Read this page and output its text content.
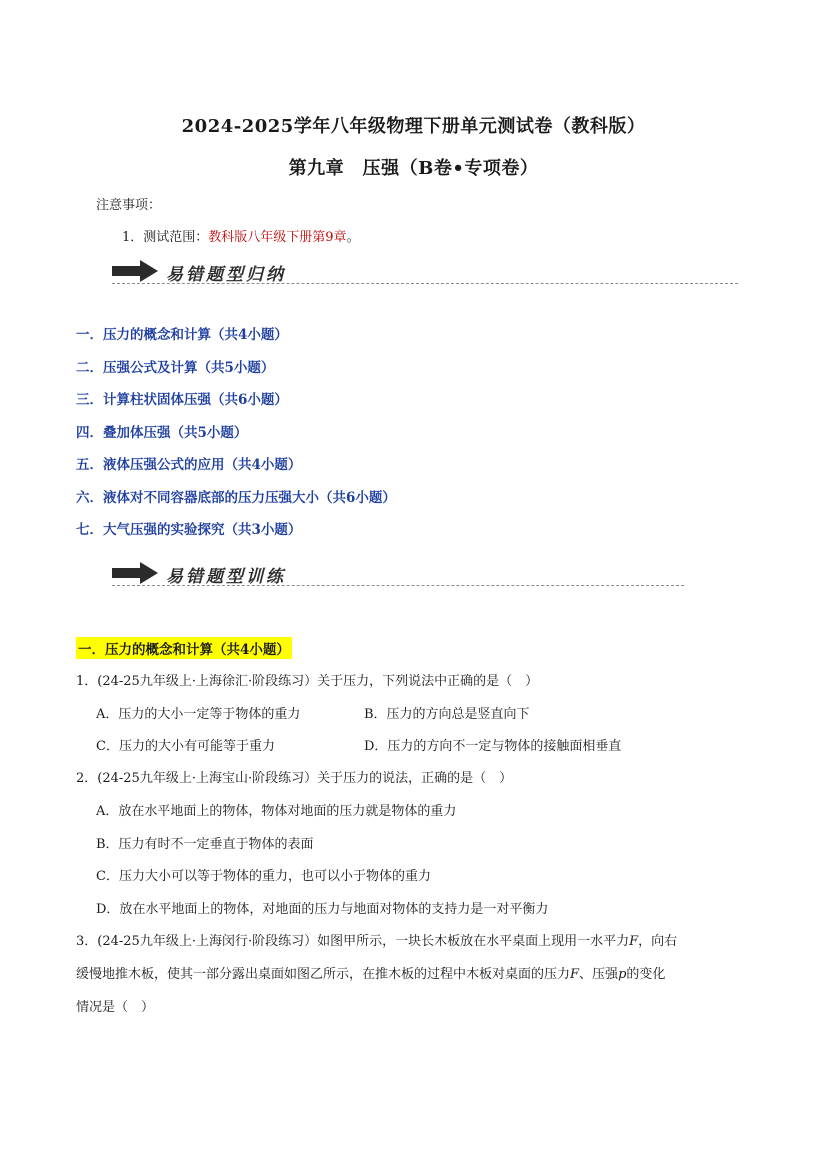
2024-2025学年八年级物理下册单元测试卷（教科版）
第九章　压强（B卷•专项卷）
注意事项：
1．测试范围：教科版八年级下册第9章。
易错题型归纳
一．压力的概念和计算（共4小题）
二．压强公式及计算（共5小题）
三．计算柱状固体压强（共6小题）
四．叠加体压强（共5小题）
五．液体压强公式的应用（共4小题）
六．液体对不同容器底部的压力压强大小（共6小题）
七．大气压强的实验探究（共3小题）
易错题型训练
一．压力的概念和计算（共4小题）
1．(24-25九年级上·上海徐汇·阶段练习）关于压力，下列说法中正确的是（　）
A．压力的大小一定等于物体的重力	B．压力的方向总是竖直向下
C．压力的大小有可能等于重力	D．压力的方向不一定与物体的接触面相垂直
2．(24-25九年级上·上海宝山·阶段练习）关于压力的说法，正确的是（　）
A．放在水平地面上的物体，物体对地面的压力就是物体的重力
B．压力有时不一定垂直于物体的表面
C．压力大小可以等于物体的重力，也可以小于物体的重力
D．放在水平地面上的物体，对地面的压力与地面对物体的支持力是一对平衡力
3．(24-25九年级上·上海闵行·阶段练习）如图甲所示，一块长木板放在水平桌面上现用一水平力F，向右
缓慢地推木板，使其一部分露出桌面如图乙所示，在推木板的过程中木板对桌面的压力F、压强p的变化
情况是（　）
